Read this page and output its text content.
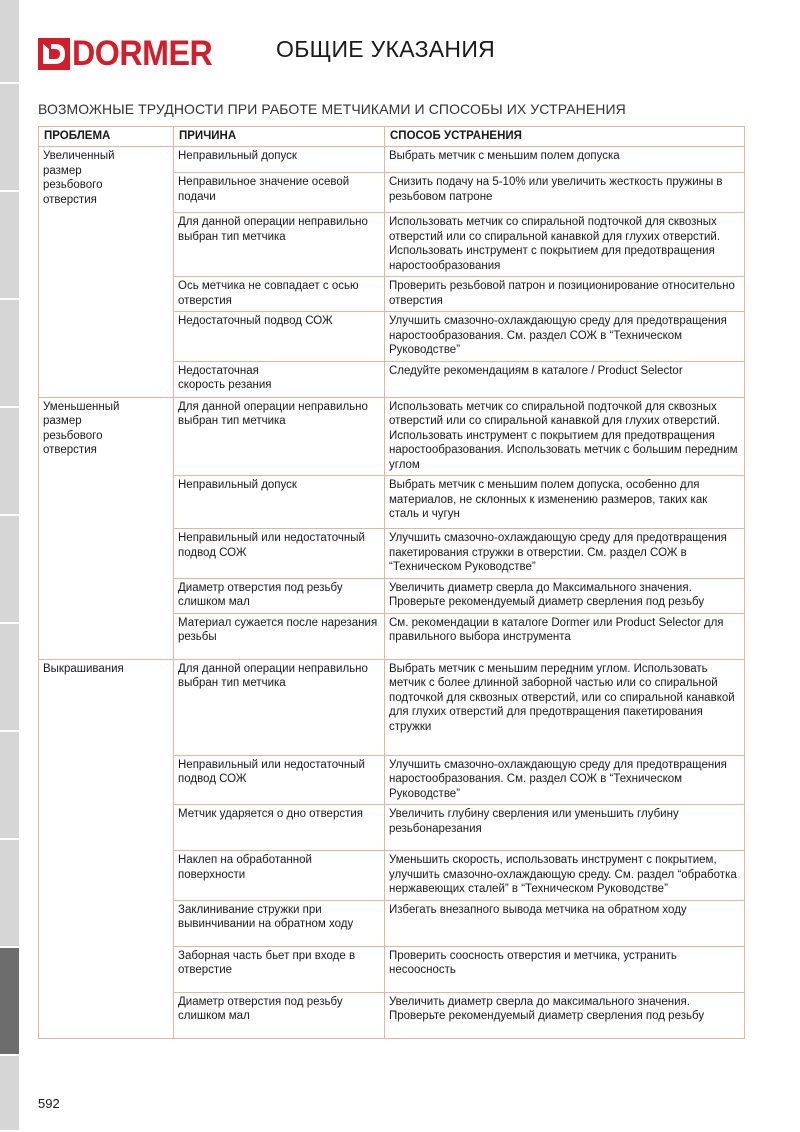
DORMER	ОБЩИЕ УКАЗАНИЯ
ВОЗМОЖНЫЕ ТРУДНОСТИ ПРИ РАБОТЕ МЕТЧИКАМИ И СПОСОБЫ ИХ УСТРАНЕНИЯ
ПРОБЛЕМА	ПРИЧИНА	СПОСОБ УСТРАНЕНИЯ
Увеличенный размер резьбового отверстия	Неправильный допуск	Выбрать метчик с меньшим полем допуска
	Неправильное значение осевой подачи	Снизить подачу на 5-10% или увеличить жесткость пружины в резьбовом патроне
	Для данной операции неправильно выбран тип метчика	Использовать метчик со спиральной подточкой для сквозных отверстий или со спиральной канавкой для глухих отверстий. Использовать инструмент с покрытием для предотвращения наростообразования
	Ось метчика не совпадает с осью отверстия	Проверить резьбовой патрон и позиционирование относительно отверстия
	Недостаточный подвод СОЖ	Улучшить смазочно-охлаждающую среду для предотвращения наростообразования. См. раздел СОЖ в “Техническом Руководстве”
	Недостаточная скорость резания	Следуйте рекомендациям в каталоге / Product Selector
Уменьшенный размер резьбового отверстия	Для данной операции неправильно выбран тип метчика	Использовать метчик со спиральной подточкой для сквозных отверстий или со спиральной канавкой для глухих отверстий. Использовать инструмент с покрытием для предотвращения наростообразования. Использовать метчик с большим передним углом
	Неправильный допуск	Выбрать метчик с меньшим полем допуска, особенно для материалов, не склонных к изменению размеров, таких как сталь и чугун
	Неправильный или недостаточный подвод СОЖ	Улучшить смазочно-охлаждающую среду для предотвращения пакетирования стружки в отверстии. См. раздел СОЖ в “Техническом Руководстве”
	Диаметр отверстия под резьбу слишком мал	Увеличить диаметр сверла до Максимального значения. Проверьте рекомендуемый диаметр сверления под резьбу
	Материал сужается после нарезания резьбы	См. рекомендации в каталоге Dormer или Product Selector для правильного выбора инструмента
Выкрашивания	Для данной операции неправильно выбран тип метчика	Выбрать метчик с меньшим передним углом. Использовать метчик с более длинной заборной частью или со спиральной подточкой для сквозных отверстий, или со спиральной канавкой для глухих отверстий для предотвращения пакетирования стружки
	Неправильный или недостаточный подвод СОЖ	Улучшить смазочно-охлаждающую среду для предотвращения наростообразования. См. раздел СОЖ в “Техническом Руководстве”
	Метчик ударяется о дно отверстия	Увеличить глубину сверления или уменьшить глубину резьбонарезания
	Наклеп на обработанной поверхности	Уменьшить скорость, использовать инструмент с покрытием, улучшить смазочно-охлаждающую среду. См. раздел “обработка нержавеющих сталей” в “Техническом Руководстве”
	Заклинивание стружки при вывинчивании на обратном ходу	Избегать внезапного вывода метчика на обратном ходу
	Заборная часть бьет при входе в отверстие	Проверить соосность отверстия и метчика, устранить несоосность
	Диаметр отверстия под резьбу слишком мал	Увеличить диаметр сверла до максимального значения. Проверьте рекомендуемый диаметр сверления под резьбу
592
